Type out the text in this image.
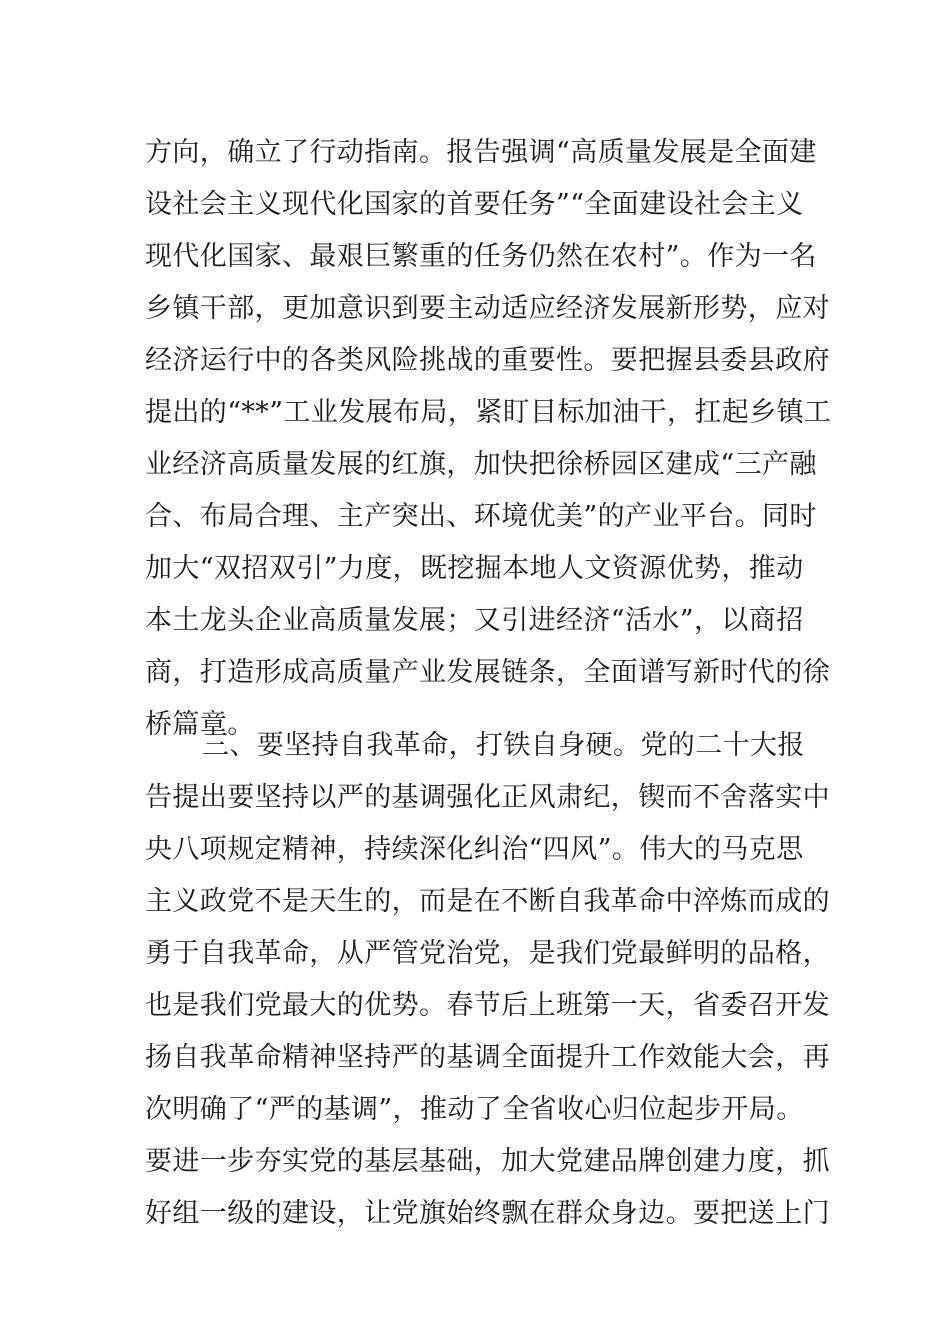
方向，确立了行动指南。报告强调“高质量发展是全面建
设社会主义现代化国家的首要任务”“全面建设社会主义
现代化国家、最艰巨繁重的任务仍然在农村”。作为一名
乡镇干部，更加意识到要主动适应经济发展新形势，应对
经济运行中的各类风险挑战的重要性。要把握县委县政府
提出的“**”工业发展布局，紧盯目标加油干，扛起乡镇工
业经济高质量发展的红旗，加快把徐桥园区建成“三产融
合、布局合理、主产突出、环境优美”的产业平台。同时
加大“双招双引”力度，既挖掘本地人文资源优势，推动
本土龙头企业高质量发展；又引进经济“活水”，以商招
商，打造形成高质量产业发展链条，全面谱写新时代的徐
桥篇章。
三、要坚持自我革命，打铁自身硬。党的二十大报
告提出要坚持以严的基调强化正风肃纪，锲而不舍落实中
央八项规定精神，持续深化纠治“四风”。伟大的马克思
主义政党不是天生的，而是在不断自我革命中淬炼而成的
勇于自我革命，从严管党治党，是我们党最鲜明的品格，
也是我们党最大的优势。春节后上班第一天，省委召开发
扬自我革命精神坚持严的基调全面提升工作效能大会，再
次明确了“严的基调”，推动了全省收心归位起步开局。
要进一步夯实党的基层基础，加大党建品牌创建力度，抓
好组一级的建设，让党旗始终飘在群众身边。要把送上门
